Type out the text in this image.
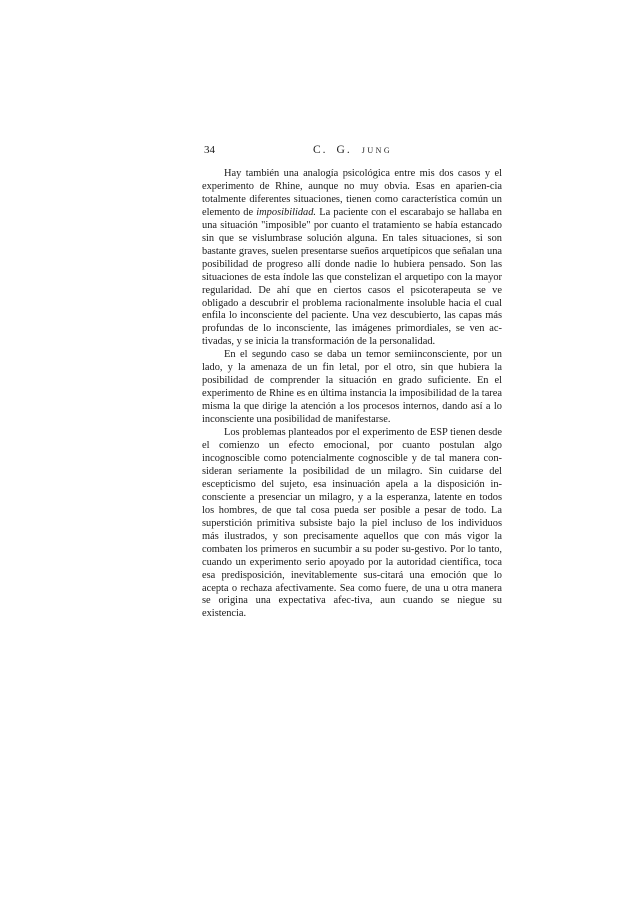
34	C. G. JUNG

Hay también una analogía psicológica entre mis dos casos y el experimento de Rhine, aunque no muy obvia. Esas en aparien-cia totalmente diferentes situaciones, tienen como característica común un elemento de imposibilidad. La paciente con el escarabajo se hallaba en una situación "imposible" por cuanto el tratamiento se había estancado sin que se vislumbrase solución alguna. En tales situaciones, si son bastante graves, suelen presentarse sueños arquetípicos que señalan una posibilidad de progreso allí donde nadie lo hubiera pensado. Son las situaciones de esta índole las que constelizan el arquetipo con la mayor regularidad. De ahí que en ciertos casos el psicoterapeuta se ve obligado a descubrir el problema racionalmente insoluble hacia el cual enfila lo inconsciente del paciente. Una vez descubierto, las capas más profundas de lo inconsciente, las imágenes primordiales, se ven ac-tivadas, y se inicia la transformación de la personalidad.

En el segundo caso se daba un temor semiinconsciente, por un lado, y la amenaza de un fin letal, por el otro, sin que hubiera la posibilidad de comprender la situación en grado suficiente. En el experimento de Rhine es en última instancia la imposibilidad de la tarea misma la que dirige la atención a los procesos internos, dando así a lo inconsciente una posibilidad de manifestarse.

Los problemas planteados por el experimento de ESP tienen desde el comienzo un efecto emocional, por cuanto postulan algo incognoscible como potencialmente cognoscible y de tal manera con-sideran seriamente la posibilidad de un milagro. Sin cuidarse del escepticismo del sujeto, esa insinuación apela a la disposición in-consciente a presenciar un milagro, y a la esperanza, latente en todos los hombres, de que tal cosa pueda ser posible a pesar de todo. La superstición primitiva subsiste bajo la piel incluso de los individuos más ilustrados, y son precisamente aquellos que con más vigor la combaten los primeros en sucumbir a su poder su-gestivo. Por lo tanto, cuando un experimento serio apoyado por la autoridad científica, toca esa predisposición, inevitablemente sus-citará una emoción que lo acepta o rechaza afectivamente. Sea como fuere, de una u otra manera se origina una expectativa afec-tiva, aun cuando se niegue su existencia.
